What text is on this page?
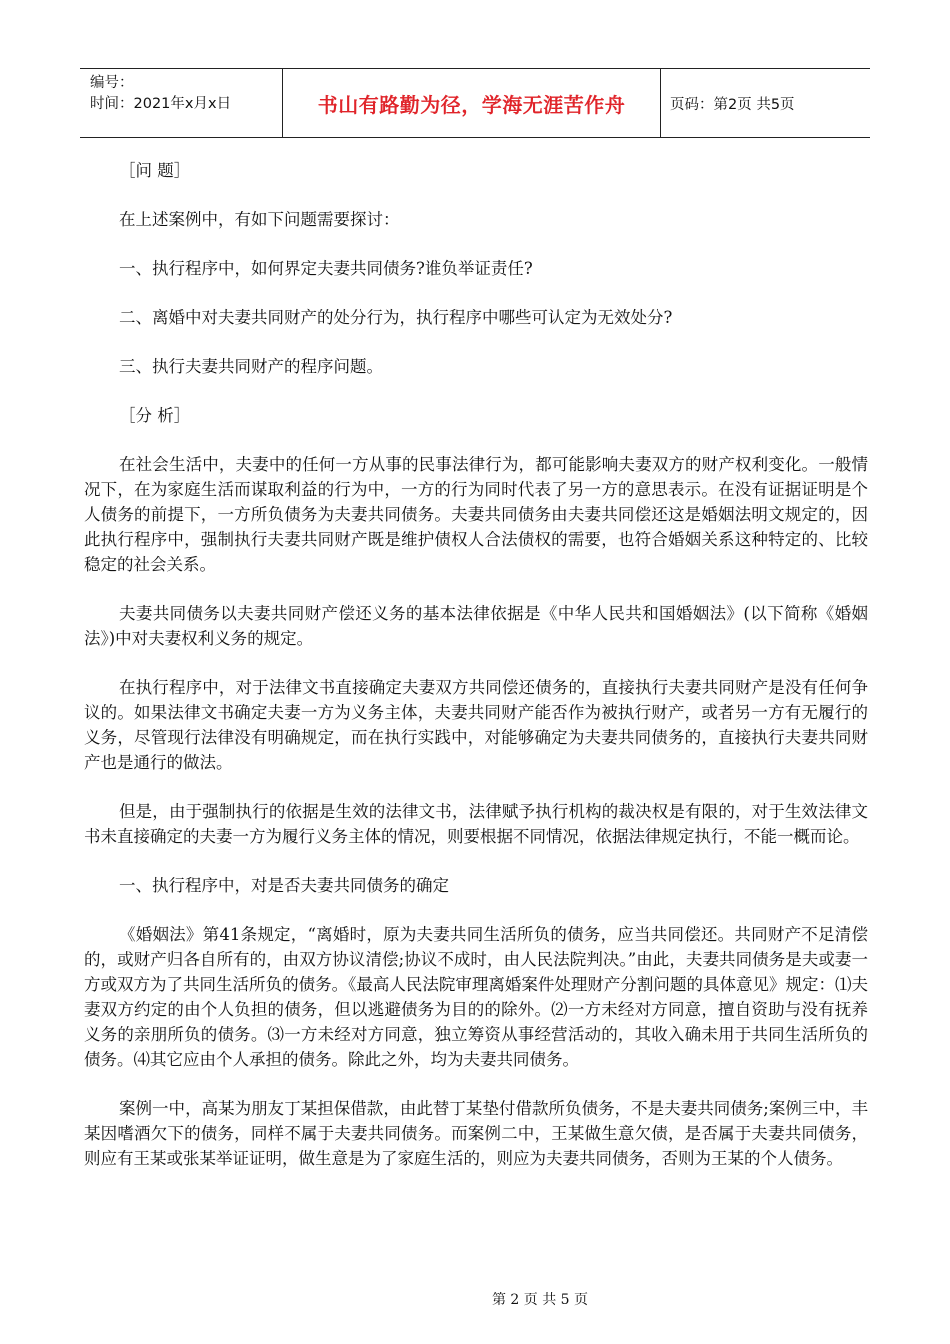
编号：
时间：2021年x月x日	书山有路勤为径，学海无涯苦作舟	页码：第2页 共5页

［问 题］

在上述案例中，有如下问题需要探讨：

一、执行程序中，如何界定夫妻共同债务?谁负举证责任?

二、离婚中对夫妻共同财产的处分行为，执行程序中哪些可认定为无效处分?

三、执行夫妻共同财产的程序问题。

［分 析］

在社会生活中，夫妻中的任何一方从事的民事法律行为，都可能影响夫妻双方的财产权利变化。一般情况下，在为家庭生活而谋取利益的行为中，一方的行为同时代表了另一方的意思表示。在没有证据证明是个人债务的前提下，一方所负债务为夫妻共同债务。夫妻共同债务由夫妻共同偿还这是婚姻法明文规定的，因此执行程序中，强制执行夫妻共同财产既是维护债权人合法债权的需要，也符合婚姻关系这种特定的、比较稳定的社会关系。

夫妻共同债务以夫妻共同财产偿还义务的基本法律依据是《中华人民共和国婚姻法》(以下简称《婚姻法》)中对夫妻权利义务的规定。

在执行程序中，对于法律文书直接确定夫妻双方共同偿还债务的，直接执行夫妻共同财产是没有任何争议的。如果法律文书确定夫妻一方为义务主体，夫妻共同财产能否作为被执行财产，或者另一方有无履行的义务，尽管现行法律没有明确规定，而在执行实践中，对能够确定为夫妻共同债务的，直接执行夫妻共同财产也是通行的做法。

但是，由于强制执行的依据是生效的法律文书，法律赋予执行机构的裁决权是有限的，对于生效法律文书未直接确定的夫妻一方为履行义务主体的情况，则要根据不同情况，依据法律规定执行，不能一概而论。

一、执行程序中，对是否夫妻共同债务的确定

《婚姻法》第41条规定，“离婚时，原为夫妻共同生活所负的债务，应当共同偿还。共同财产不足清偿的，或财产归各自所有的，由双方协议清偿;协议不成时，由人民法院判决。”由此，夫妻共同债务是夫或妻一方或双方为了共同生活所负的债务。《最高人民法院审理离婚案件处理财产分割问题的具体意见》规定：⑴夫妻双方约定的由个人负担的债务，但以逃避债务为目的的除外。⑵一方未经对方同意，擅自资助与没有抚养义务的亲朋所负的债务。⑶一方未经对方同意，独立筹资从事经营活动的，其收入确未用于共同生活所负的债务。⑷其它应由个人承担的债务。除此之外，均为夫妻共同债务。

案例一中，高某为朋友丁某担保借款，由此替丁某垫付借款所负债务，不是夫妻共同债务;案例三中，丰某因嗜酒欠下的债务，同样不属于夫妻共同债务。而案例二中，王某做生意欠债，是否属于夫妻共同债务，则应有王某或张某举证证明，做生意是为了家庭生活的，则应为夫妻共同债务，否则为王某的个人债务。

第 2 页 共 5 页
